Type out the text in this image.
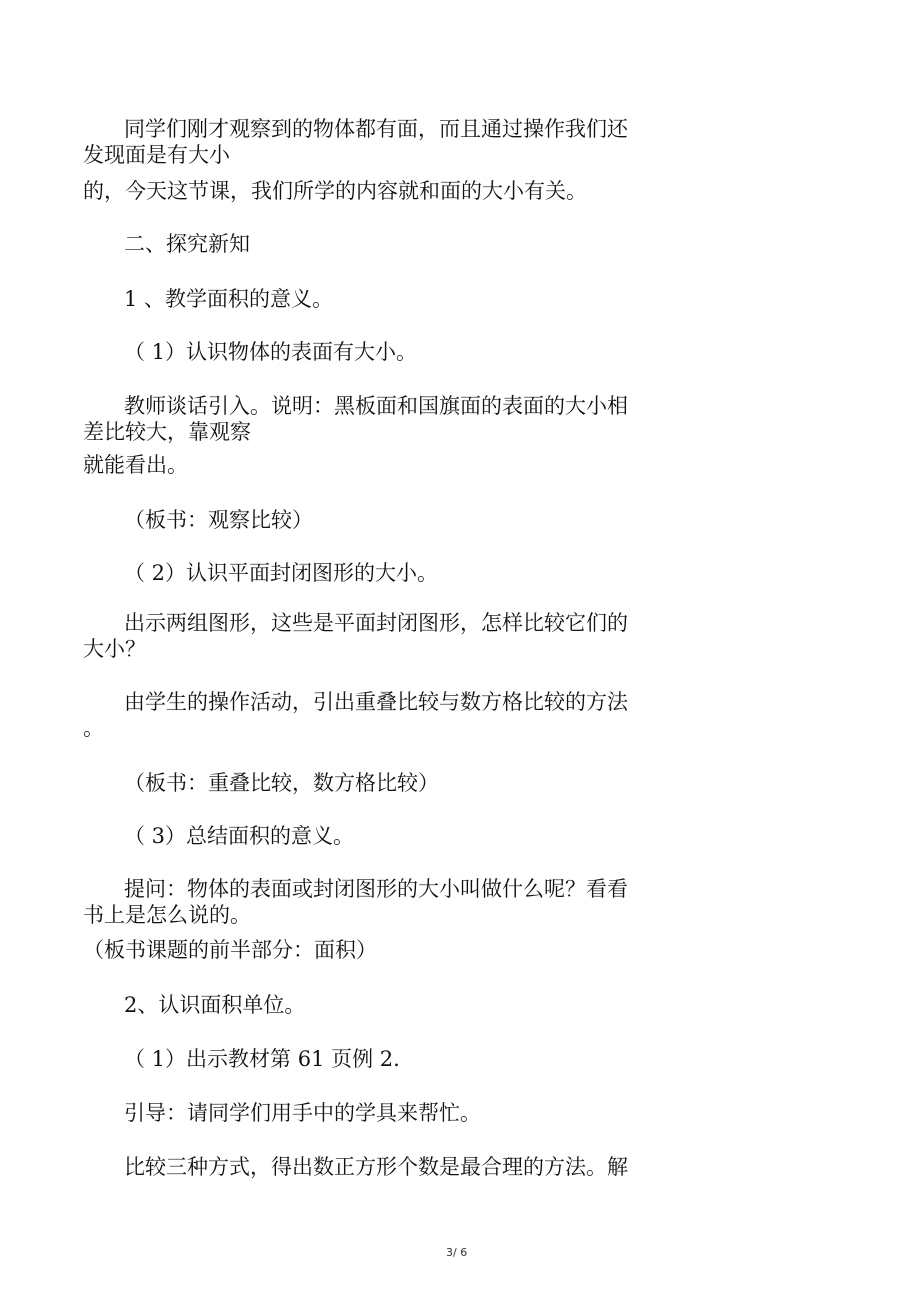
同学们刚才观察到的物体都有面，而且通过操作我们还

发现面是有大小

的，今天这节课，我们所学的内容就和面的大小有关。

二、探究新知

1 、教学面积的意义。

（ 1）认识物体的表面有大小。

教师谈话引入。说明：黑板面和国旗面的表面的大小相

差比较大，靠观察

就能看出。

（板书：观察比较）

（ 2）认识平面封闭图形的大小。

出示两组图形，这些是平面封闭图形，怎样比较它们的

大小？

由学生的操作活动，引出重叠比较与数方格比较的方法

。

（板书：重叠比较，数方格比较）

（ 3）总结面积的意义。

提问：物体的表面或封闭图形的大小叫做什么呢？看看

书上是怎么说的。

（板书课题的前半部分：面积）

2、认识面积单位。

（ 1）出示教材第 61 页例 2.

引导：请同学们用手中的学具来帮忙。

比较三种方式，得出数正方形个数是最合理的方法。解

3/ 6
